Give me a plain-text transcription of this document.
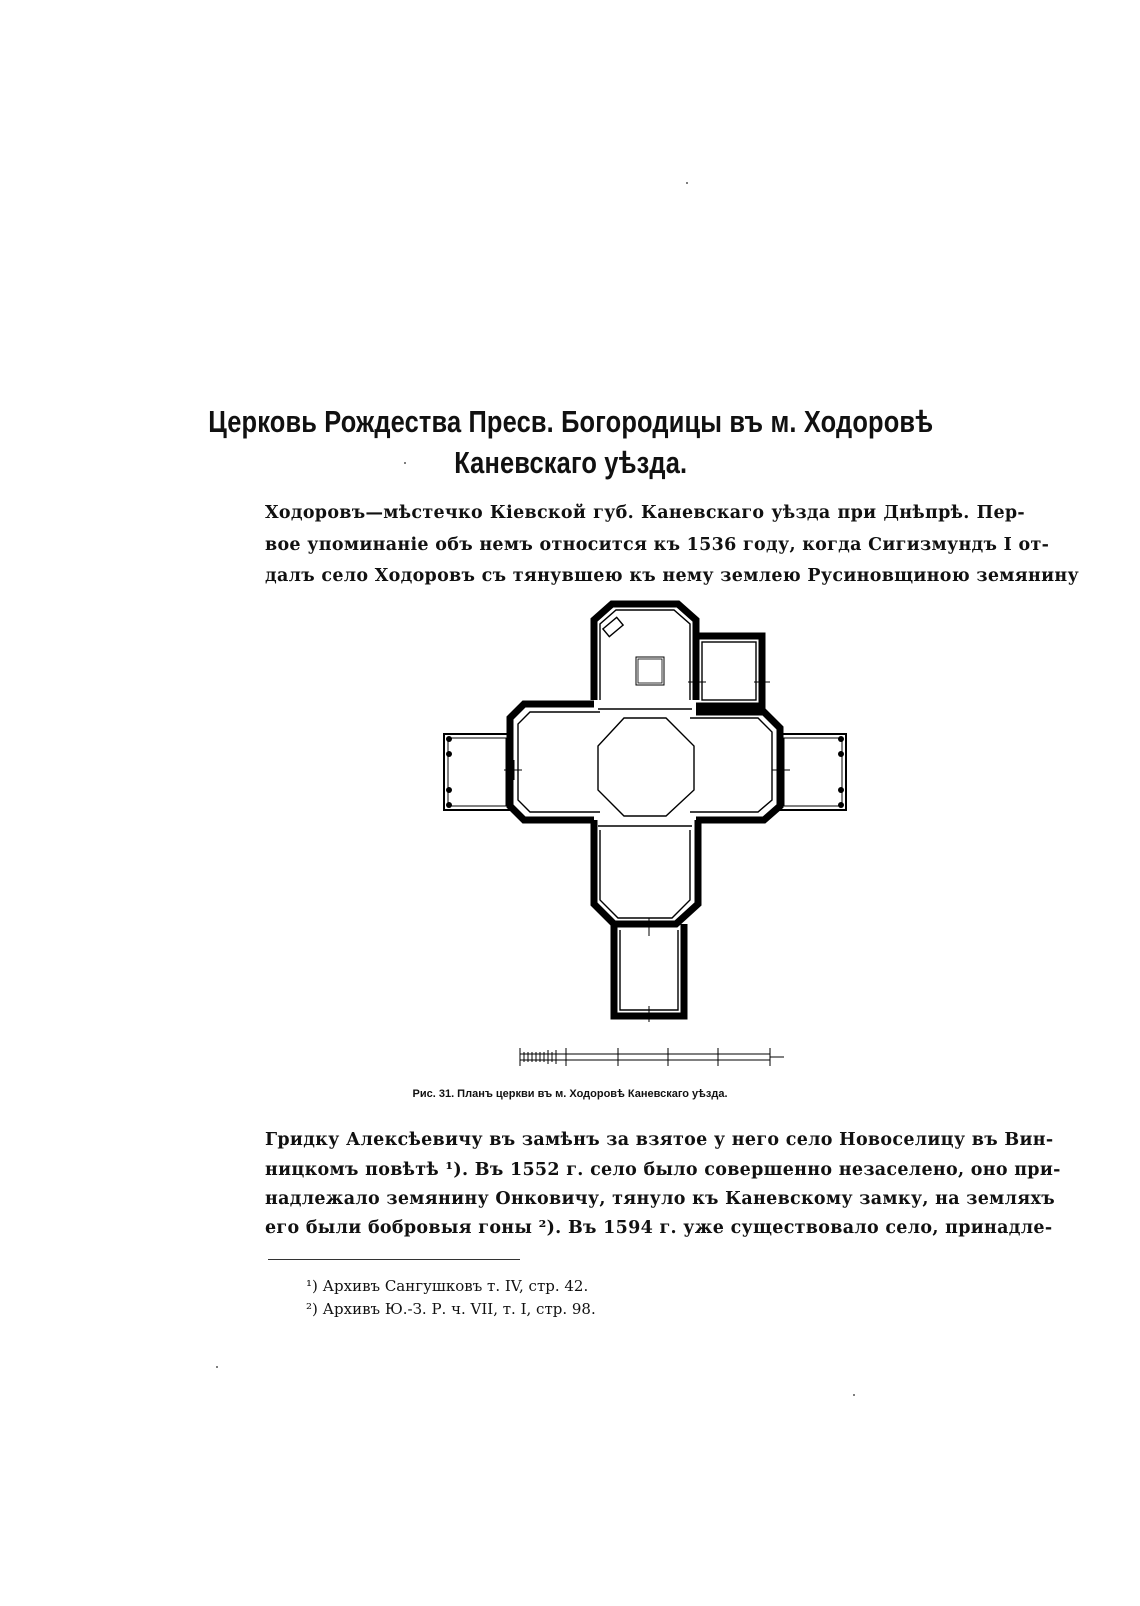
Церковь Рождества Пресв. Богородицы въ м. Ходоровѣ
Каневскаго уѣзда.
Ходоровъ—мѣстечко Кіевской губ. Каневскаго уѣзда при Днѣпрѣ. Пер-
вое упоминаніе объ немъ относится къ 1536 году, когда Сигизмундъ I от-
далъ село Ходоровъ съ тянувшею къ нему землею Русиновщиною земянину
Рис. 31. Планъ церкви въ м. Ходоровѣ Каневскаго уѣзда.
Гридку Алексѣевичу въ замѣнъ за взятое у него село Новоселицу въ Вин-
ницкомъ повѣтѣ ¹). Въ 1552 г. село было совершенно незаселено, оно при-
надлежало земянину Онковичу, тянуло къ Каневскому замку, на земляхъ
его были бобровыя гоны ²). Въ 1594 г. уже существовало село, принадле-
¹) Архивъ Сангушковъ т. IV, стр. 42.
²) Архивъ Ю.-З. Р. ч. VII, т. I, стр. 98.
